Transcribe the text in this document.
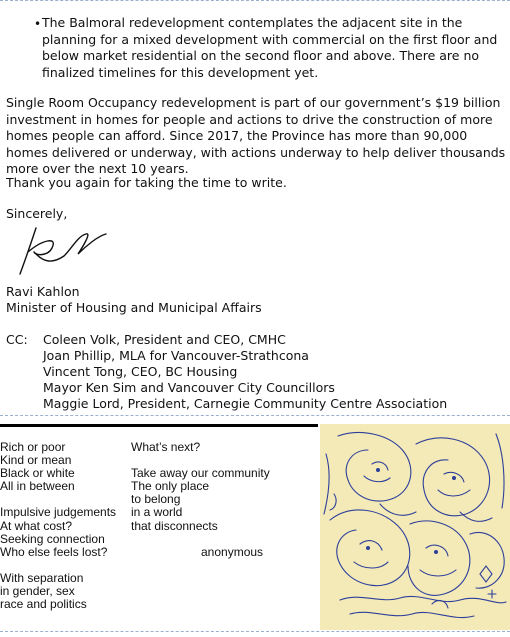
• The Balmoral redevelopment contemplates the adjacent site in the planning for a mixed development with commercial on the first floor and below market residential on the second floor and above. There are no finalized timelines for this development yet.

Single Room Occupancy redevelopment is part of our government’s $19 billion investment in homes for people and actions to drive the construction of more homes people can afford. Since 2017, the Province has more than 90,000 homes delivered or underway, with actions underway to help deliver thousands more over the next 10 years.

Thank you again for taking the time to write.

Sincerely,

Ravi Kahlon

Minister of Housing and Municipal Affairs

CC: Coleen Volk, President and CEO, CMHC
Joan Phillip, MLA for Vancouver-Strathcona
Vincent Tong, CEO, BC Housing
Mayor Ken Sim and Vancouver City Councillors
Maggie Lord, President, Carnegie Community Centre Association
Rich or poor
Kind or mean
Black or white
All in between
Impulsive judgements
At what cost?
Seeking connection
Who else feels lost?
With separation
in gender, sex
race and politics
What’s next?
Take away our community
The only place
to belong
in a world
that disconnects
anonymous
